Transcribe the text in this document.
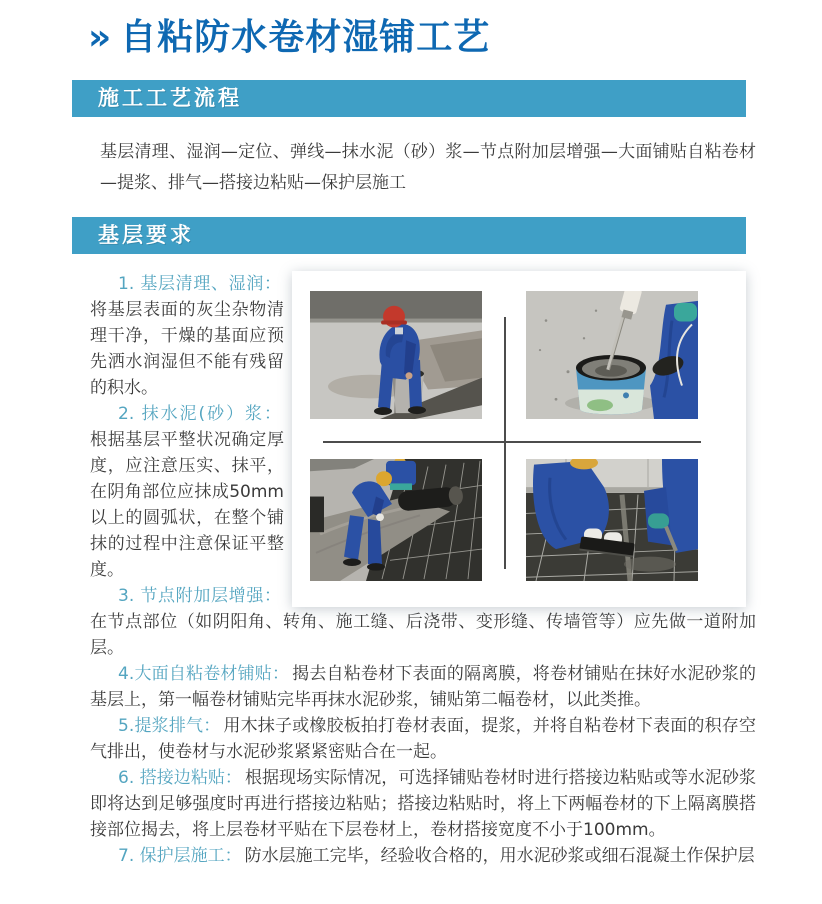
» 自粘防水卷材湿铺工艺
施工工艺流程

基层清理、湿润—定位、弹线—抹水泥（砂）浆—节点附加层增强—大面铺贴自粘卷材—提浆、排气—搭接边粘贴—保护层施工

基层要求

1. 基层清理、湿润：将基层表面的灰尘杂物清理干净，干燥的基面应预先洒水润湿但不能有残留的积水。

2. 抹水泥(砂）浆：根据基层平整状况确定厚度，应注意压实、抹平，在阴角部位应抹成50mm以上的圆弧状，在整个铺抹的过程中注意保证平整度。

3. 节点附加层增强：在节点部位（如阴阳角、转角、施工缝、后浇带、变形缝、传墙管等）应先做一道附加层。

4.大面自粘卷材铺贴： 揭去自粘卷材下表面的隔离膜，将卷材铺贴在抹好水泥砂浆的基层上，第一幅卷材铺贴完毕再抹水泥砂浆，铺贴第二幅卷材，以此类推。

5.提浆排气： 用木抹子或橡胶板拍打卷材表面，提浆，并将自粘卷材下表面的积存空气排出，使卷材与水泥砂浆紧紧密贴合在一起。

6. 搭接边粘贴： 根据现场实际情况，可选择铺贴卷材时进行搭接边粘贴或等水泥砂浆即将达到足够强度时再进行搭接边粘贴；搭接边粘贴时，将上下两幅卷材的下上隔离膜搭接部位揭去，将上层卷材平贴在下层卷材上，卷材搭接宽度不小于100mm。

7. 保护层施工： 防水层施工完毕，经验收合格的，用水泥砂浆或细石混凝土作保护层
